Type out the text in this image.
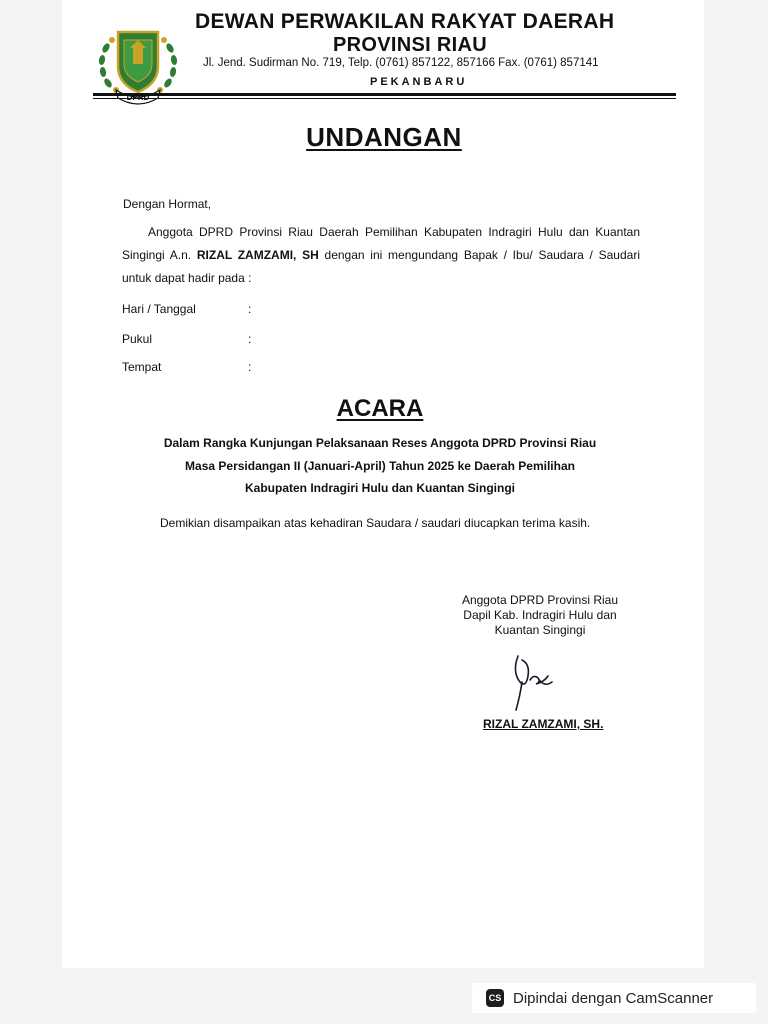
DEWAN PERWAKILAN RAKYAT DAERAH
PROVINSI RIAU
Jl. Jend. Sudirman No. 719, Telp. (0761) 857122, 857166 Fax. (0761) 857141
PEKANBARU
UNDANGAN
Dengan Hormat,
Anggota DPRD Provinsi Riau Daerah Pemilihan Kabupaten Indragiri Hulu dan Kuantan Singingi A.n. RIZAL ZAMZAMI, SH dengan ini mengundang Bapak / Ibu/ Saudara / Saudari untuk dapat hadir pada :
Hari / Tanggal	:
Pukul	:
Tempat	:
ACARA
Dalam Rangka Kunjungan Pelaksanaan Reses Anggota DPRD Provinsi Riau
Masa Persidangan II (Januari-April) Tahun 2025 ke Daerah Pemilihan
Kabupaten Indragiri Hulu dan Kuantan Singingi
Demikian disampaikan atas kehadiran Saudara / saudari diucapkan terima kasih.
Anggota DPRD Provinsi Riau
Dapil Kab. Indragiri Hulu dan
Kuantan Singingi
RIZAL ZAMZAMI, SH.
CS Dipindai dengan CamScanner
